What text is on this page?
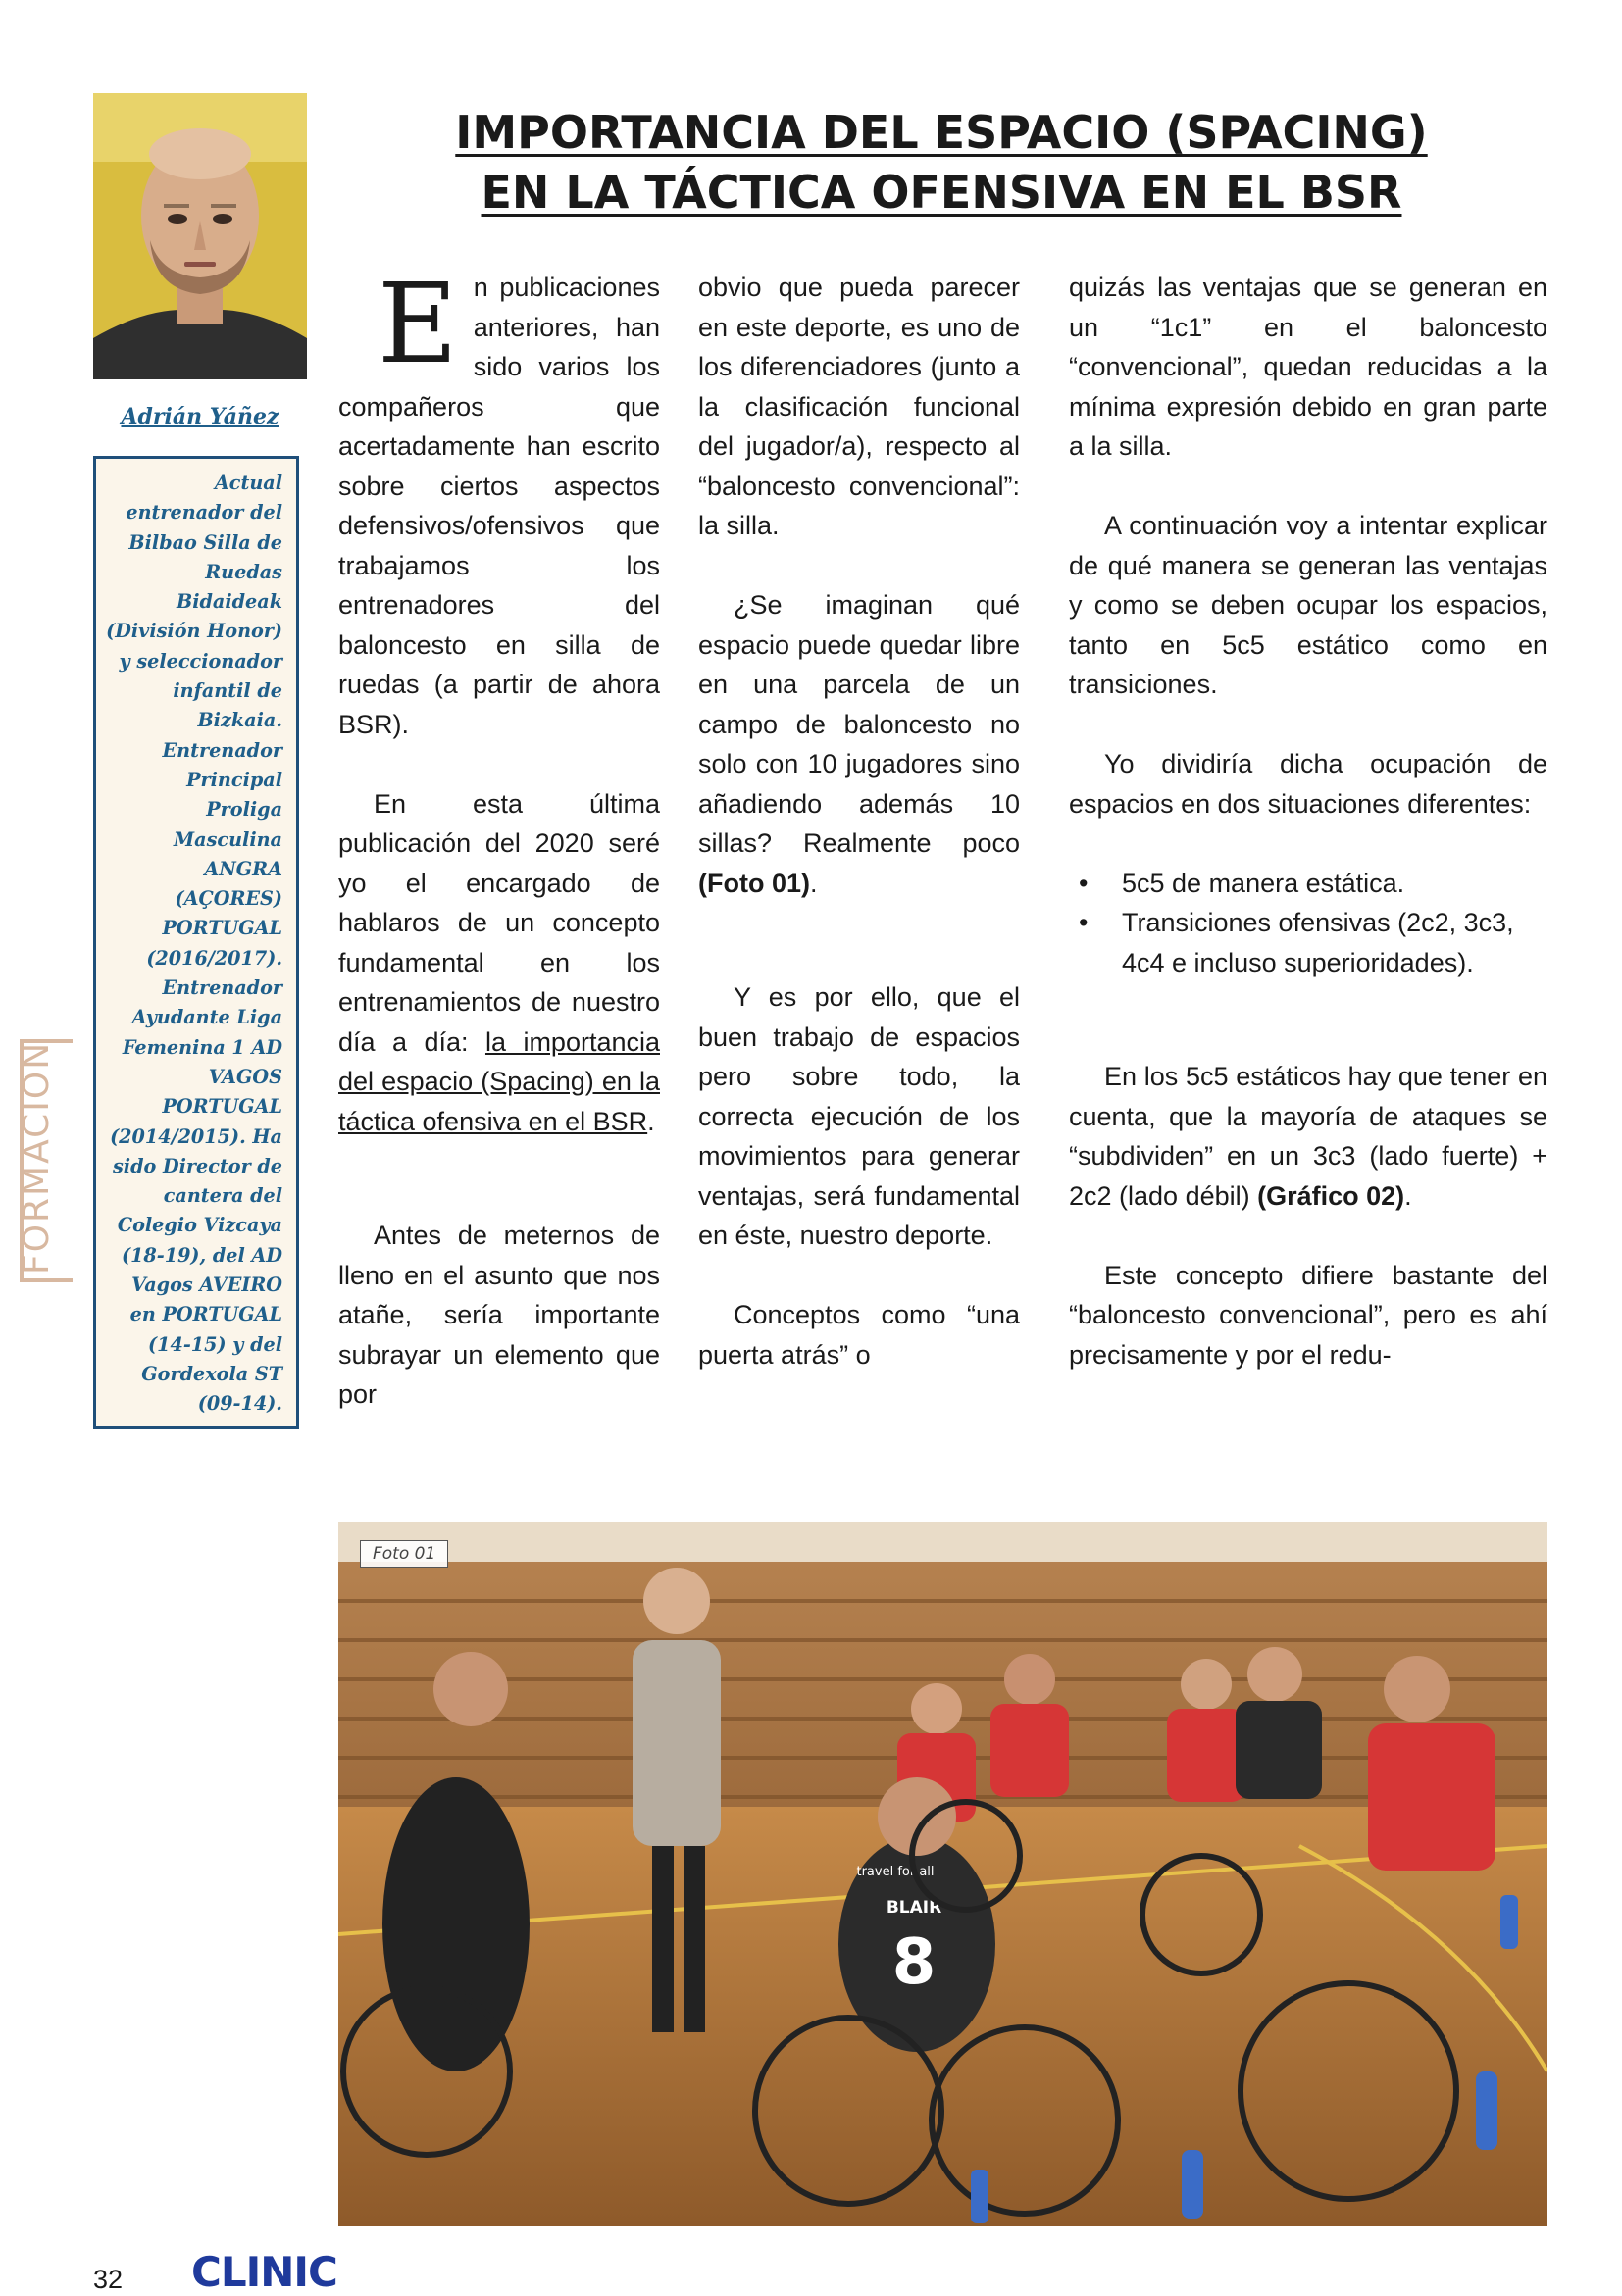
Adrián Yáñez

Actual entrenador del Bilbao Silla de Ruedas Bidaideak (División Honor) y seleccionador infantil de Bizkaia. Entrenador Principal Proliga Masculina ANGRA (AÇORES) PORTUGAL (2016/2017). Entrenador Ayudante Liga Femenina 1 AD VAGOS PORTUGAL (2014/2015). Ha sido Director de cantera del Colegio Vizcaya (18-19), del AD Vagos AVEIRO en PORTUGAL (14-15) y del Gordexola ST (09-14).

FORMACION
IMPORTANCIA DEL ESPACIO (SPACING)
EN LA TÁCTICA OFENSIVA EN EL BSR

En publicaciones anteriores, han sido varios los compañeros que acertadamente han escrito sobre ciertos aspectos defensivos/ofensivos que trabajamos los entrenadores del baloncesto en silla de ruedas (a partir de ahora BSR).

En esta última publicación del 2020 seré yo el encargado de hablaros de un concepto fundamental en los entrenamientos de nuestro día a día: la importancia del espacio (Spacing) en la táctica ofensiva en el BSR.

Antes de meternos de lleno en el asunto que nos atañe, sería importante subrayar un elemento que por

obvio que pueda parecer en este deporte, es uno de los diferenciadores (junto a la clasificación funcional del jugador/a), respecto al “baloncesto convencional”: la silla.

¿Se imaginan qué espacio puede quedar libre en una parcela de un campo de baloncesto no solo con 10 jugadores sino añadiendo además 10 sillas? Realmente poco (Foto 01).

Y es por ello, que el buen trabajo de espacios pero sobre todo, la correcta ejecución de los movimientos para generar ventajas, será fundamental en éste, nuestro deporte.

Conceptos como “una puerta atrás” o

quizás las ventajas que se generan en un “1c1” en el baloncesto “convencional”, quedan reducidas a la mínima expresión debido en gran parte a la silla.

A continuación voy a intentar explicar de qué manera se generan las ventajas y como se deben ocupar los espacios, tanto en 5c5 estático como en transiciones.

Yo dividiría dicha ocupación de espacios en dos situaciones diferentes:

• 5c5 de manera estática.
• Transiciones ofensivas (2c2, 3c3, 4c4 e incluso superioridades).

En los 5c5 estáticos hay que tener en cuenta, que la mayoría de ataques se “subdividen” en un 3c3 (lado fuerte) + 2c2 (lado débil) (Gráfico 02).

Este concepto difiere bastante del “baloncesto convencional”, pero es ahí precisamente y por el redu-

8
BLAIR
travel for all
Foto 01
32 CLINIC
